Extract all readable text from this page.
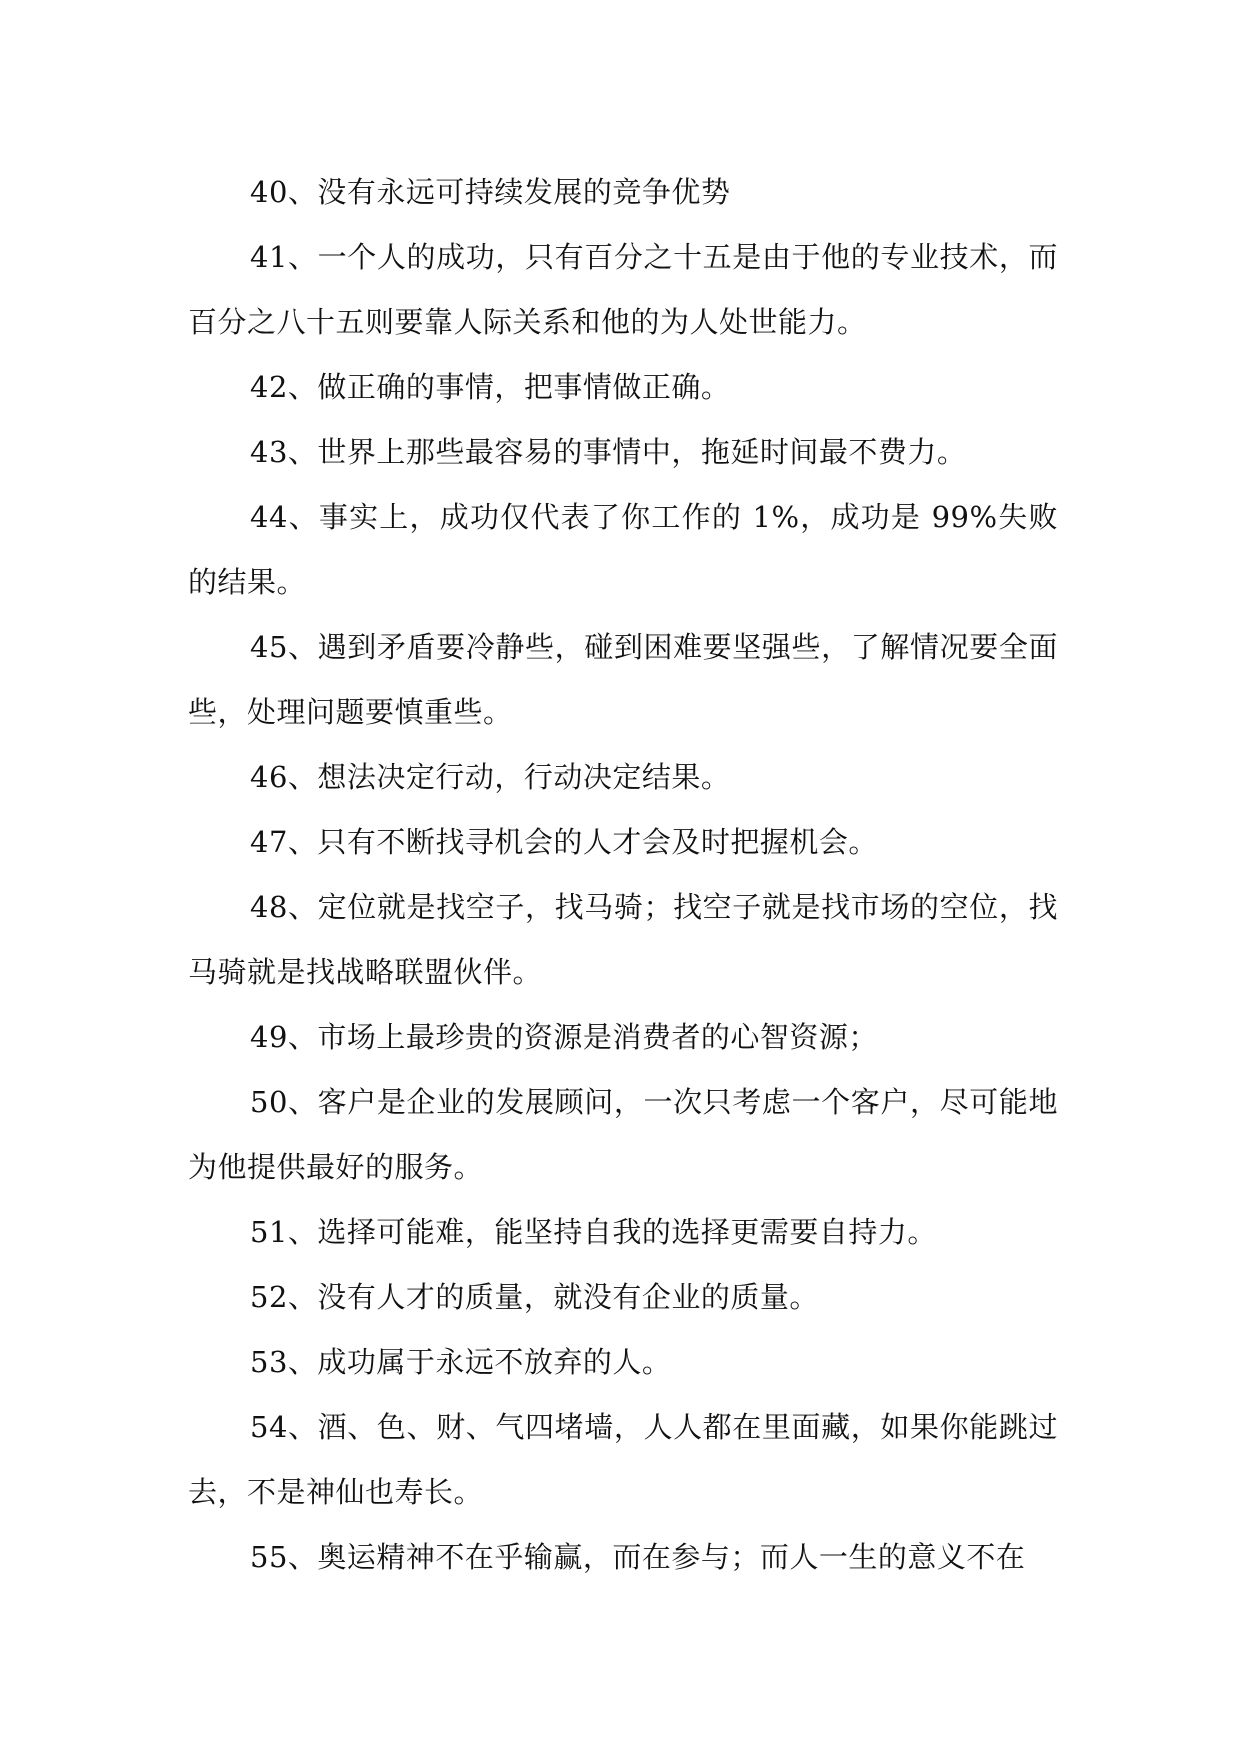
40、没有永远可持续发展的竞争优势

41、一个人的成功，只有百分之十五是由于他的专业技术，而 百分之八十五则要靠人际关系和他的为人处世能力。

42、做正确的事情，把事情做正确。

43、世界上那些最容易的事情中，拖延时间最不费力。

44、事实上，成功仅代表了你工作的 1%，成功是 99%失败的结果。

45、遇到矛盾要冷静些，碰到困难要坚强些，了解情况要全面些，处理问题要慎重些。

46、想法决定行动，行动决定结果。

47、只有不断找寻机会的人才会及时把握机会。

48、定位就是找空子，找马骑；找空子就是找市场的空位，找马骑就是找战略联盟伙伴。

49、市场上最珍贵的资源是消费者的心智资源；

50、客户是企业的发展顾问，一次只考虑一个客户，尽可能地为他提供最好的服务。

51、选择可能难，能坚持自我的选择更需要自持力。

52、没有人才的质量，就没有企业的质量。

53、成功属于永远不放弃的人。

54、酒、色、财、气四堵墙，人人都在里面藏，如果你能跳过去，不是神仙也寿长。

55、奥运精神不在乎输赢，而在参与；而人一生的意义不在
